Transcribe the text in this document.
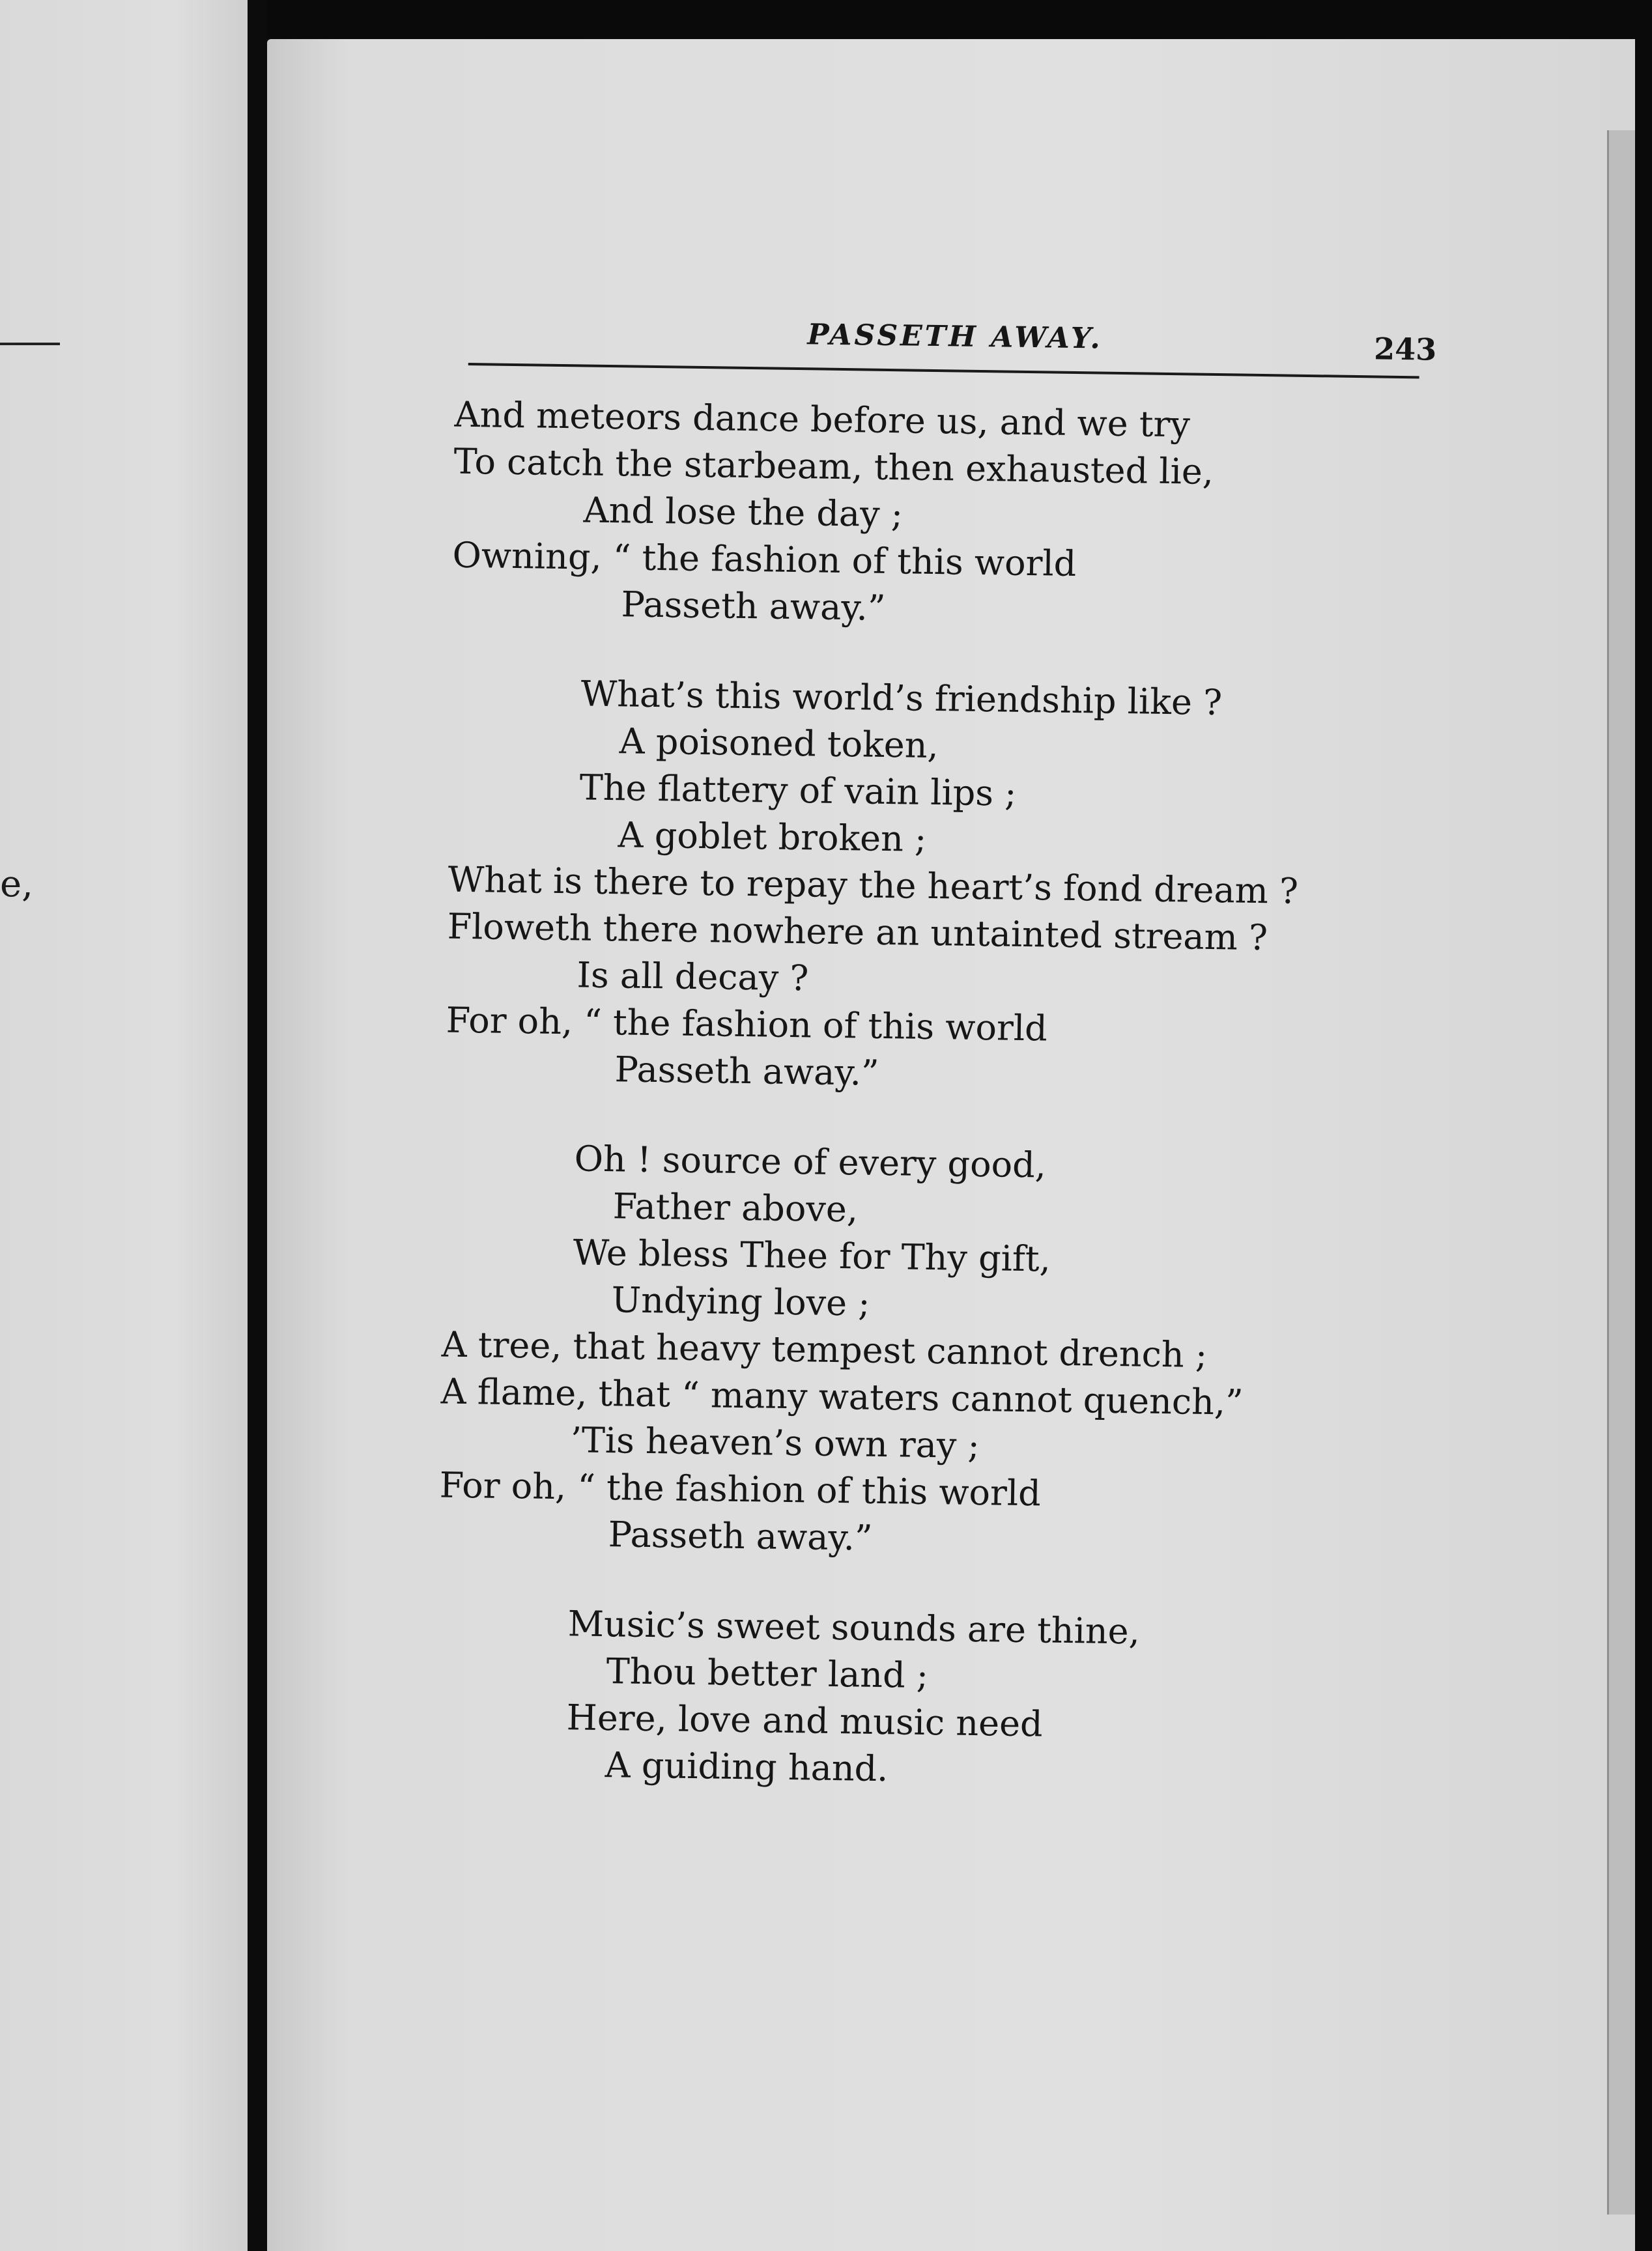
e,
PASSETH AWAY.	243
And meteors dance before us, and we try
To catch the starbeam, then exhausted lie,
And lose the day ;
Owning, “ the fashion of this world
Passeth away.”
What’s this world’s friendship like ?
A poisoned token,
The flattery of vain lips ;
A goblet broken ;
What is there to repay the heart’s fond dream ?
Floweth there nowhere an untainted stream ?
Is all decay ?
For oh, “ the fashion of this world
Passeth away.”
Oh ! source of every good,
Father above,
We bless Thee for Thy gift,
Undying love ;
A tree, that heavy tempest cannot drench ;
A flame, that “ many waters cannot quench,”
’Tis heaven’s own ray ;
For oh, “ the fashion of this world
Passeth away.”
Music’s sweet sounds are thine,
Thou better land ;
Here, love and music need
A guiding hand.
